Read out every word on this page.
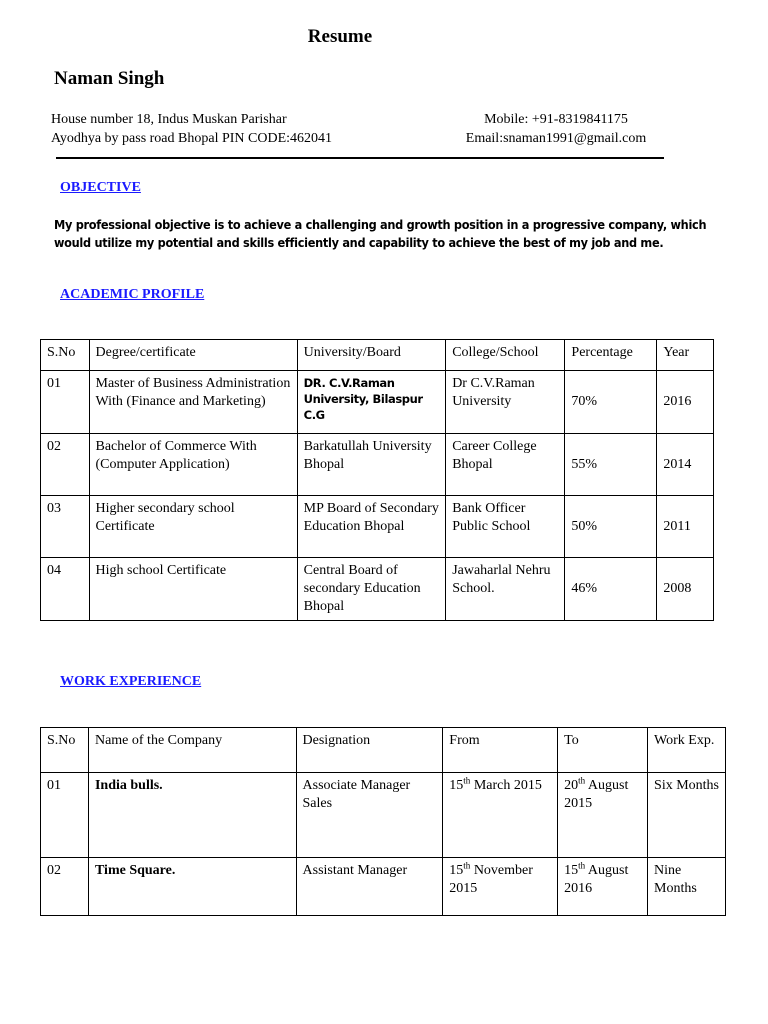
Resume
Naman Singh
House number 18, Indus Muskan Parishar
Ayodhya by pass road Bhopal PIN CODE:462041
Mobile: +91-8319841175
Email:snaman1991@gmail.com
OBJECTIVE
My professional objective is to achieve a challenging and growth position in a progressive company, which would utilize my potential and skills efficiently and capability to achieve the best of my job and me.
ACADEMIC PROFILE
S.No	Degree/certificate	University/Board	College/School	Percentage	Year
01	Master of Business Administration With (Finance and Marketing)	DR. C.V.Raman University, Bilaspur C.G	Dr C.V.Raman University	70%	2016
02	Bachelor of Commerce With (Computer Application)	Barkatullah University Bhopal	Career College Bhopal	55%	2014
03	Higher secondary school Certificate	MP Board of Secondary Education Bhopal	Bank Officer Public School	50%	2011
04	High school Certificate	Central Board of secondary Education Bhopal	Jawaharlal Nehru School.	46%	2008
WORK EXPERIENCE
S.No	Name of the Company	Designation	From	To	Work Exp.
01	India bulls.	Associate Manager Sales	15th March 2015	20th August 2015	Six Months
02	Time Square.	Assistant Manager	15th November 2015	15th August 2016	Nine Months
